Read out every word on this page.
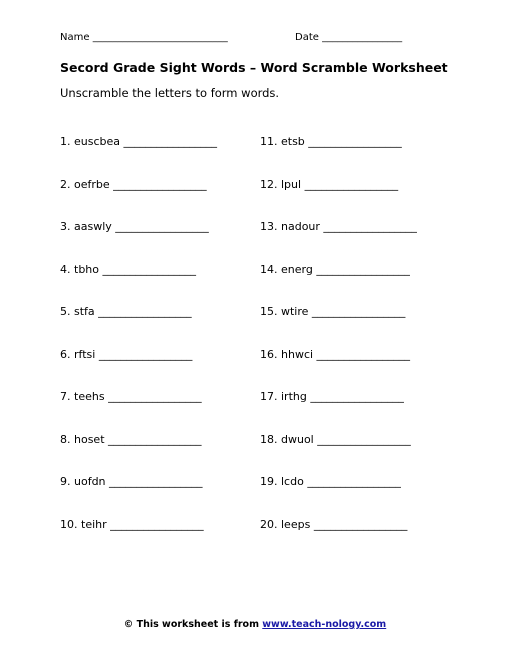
Name ___________________________	Date ________________
Secord Grade Sight Words – Word Scramble Worksheet
Unscramble the letters to form words.
1. euscbea _________________
2. oefrbe _________________
3. aaswly _________________
4. tbho _________________
5. stfa _________________
6. rftsi _________________
7. teehs _________________
8. hoset _________________
9. uofdn _________________
10. teihr _________________
11. etsb _________________
12. lpul _________________
13. nadour _________________
14. energ _________________
15. wtire _________________
16. hhwci _________________
17. irthg _________________
18. dwuol _________________
19. lcdo _________________
20. leeps _________________
© This worksheet is from www.teach-nology.com
